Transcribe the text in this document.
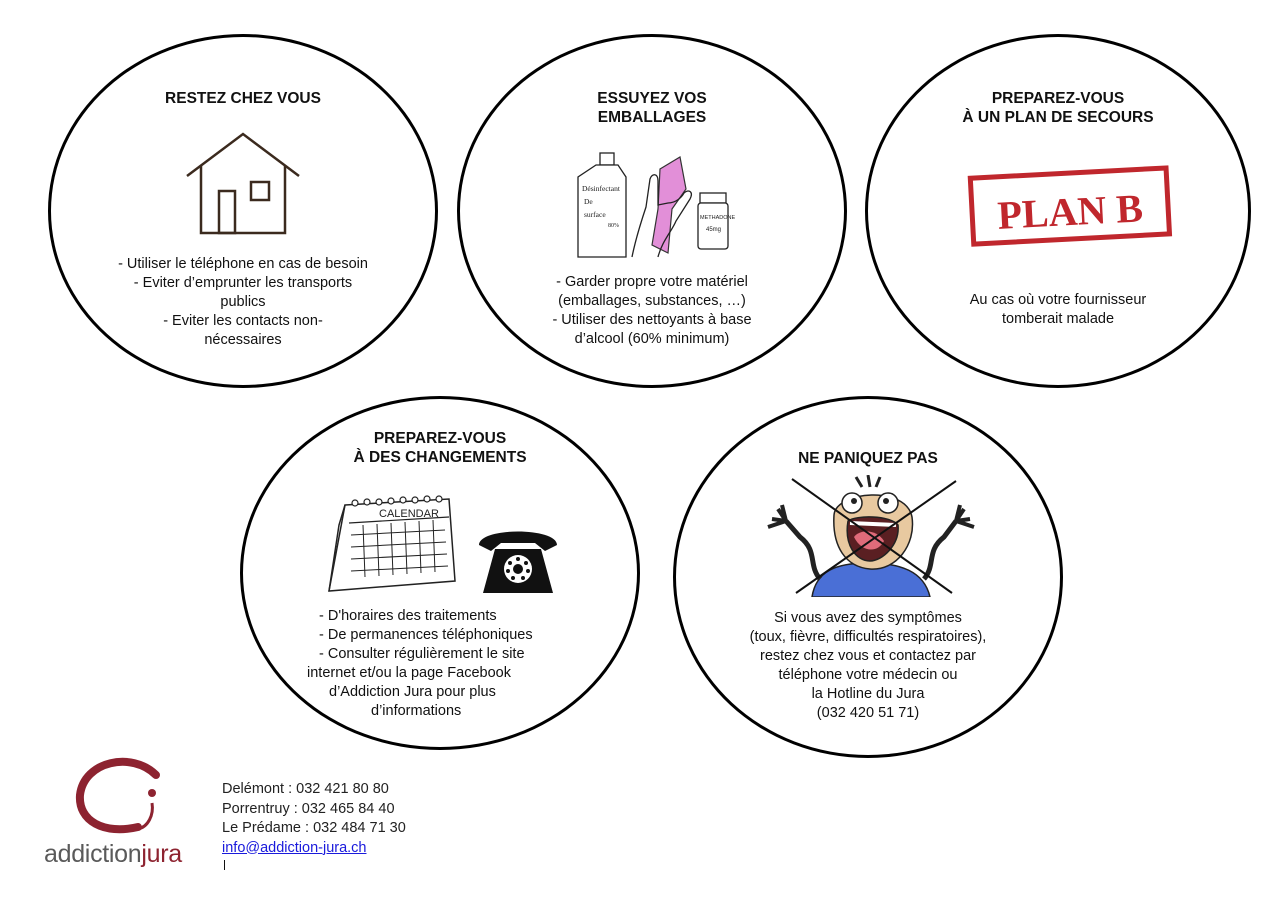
RESTEZ CHEZ VOUS
- Utiliser le téléphone en cas de besoin
- Eviter d’emprunter les transports
publics
- Eviter les contacts non-
nécessaires
ESSUYEZ VOS
EMBALLAGES
Désinfectant
De
surface
80%
METHADONE
45mg
- Garder propre votre matériel
(emballages, substances, …)
- Utiliser des nettoyants à base
d’alcool (60% minimum)
PREPAREZ-VOUS
À UN PLAN DE SECOURS
PLAN B
Au cas où votre fournisseur
tomberait malade
PREPAREZ-VOUS
À DES CHANGEMENTS
CALENDAR
- D'horaires des traitements
- De permanences téléphoniques
- Consulter régulièrement le site
internet et/ou la page Facebook
d’Addiction Jura pour plus
d’informations
NE PANIQUEZ PAS
Si vous avez des symptômes
(toux, fièvre, difficultés respiratoires),
restez chez vous et contactez par
téléphone votre médecin ou
la Hotline du Jura
(032 420 51 71)
addictionjura
Delémont : 032 421 80 80
Porrentruy : 032 465 84 40
Le Prédame : 032 484 71 30
info@addiction-jura.ch
